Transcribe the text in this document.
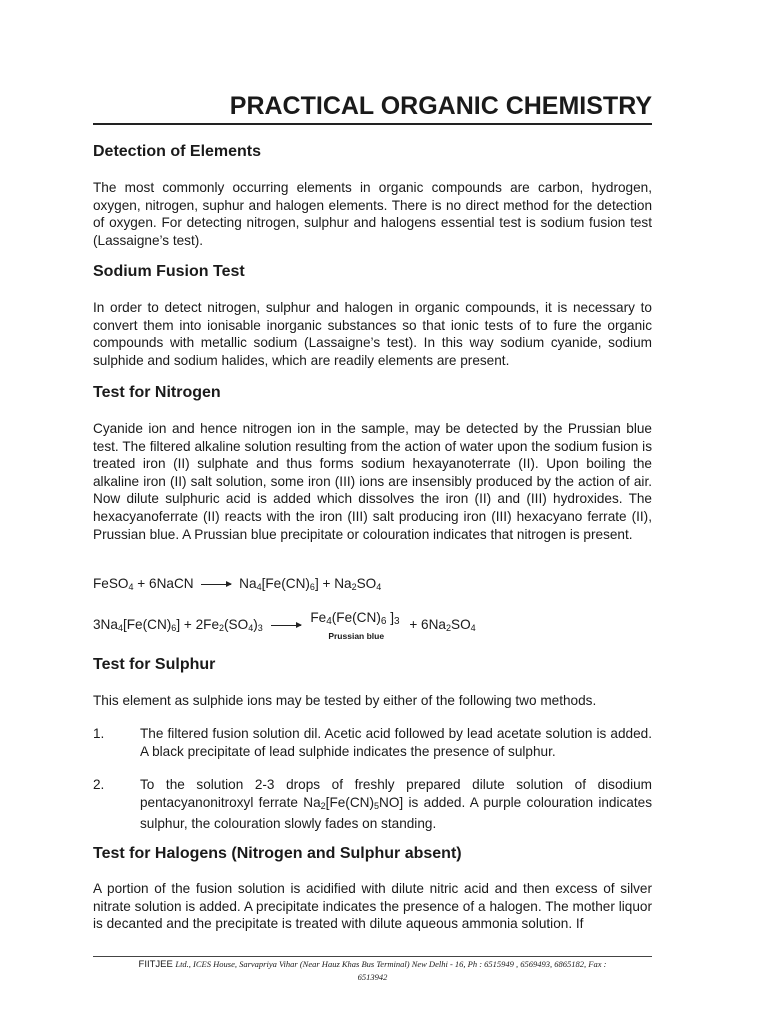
PRACTICAL ORGANIC CHEMISTRY
Detection of Elements

The most commonly occurring elements in organic compounds are carbon, hydrogen, oxygen, nitrogen, suphur and halogen elements. There is no direct method for the detection of oxygen. For detecting nitrogen, sulphur and halogens essential test is sodium fusion test (Lassaigne’s test).

Sodium Fusion Test

In order to detect nitrogen, sulphur and halogen in organic compounds, it is necessary to convert them into ionisable inorganic substances so that ionic tests of to fure the organic compounds with metallic sodium (Lassaigne’s test). In this way sodium cyanide, sodium sulphide and sodium halides, which are readily elements are present.

Test for Nitrogen

Cyanide ion and hence nitrogen ion in the sample, may be detected by the Prussian blue test. The filtered alkaline solution resulting from the action of water upon the sodium fusion is treated iron (II) sulphate and thus forms sodium hexayanoterrate (II). Upon boiling the alkaline iron (II) salt solution, some iron (III) ions are insensibly produced by the action of air. Now dilute sulphuric acid is added which dissolves the iron (II) and (III) hydroxides. The hexacyanoferrate (II) reacts with the iron (III) salt producing iron (III) hexacyano ferrate (II), Prussian blue. A Prussian blue precipitate or colouration indicates that nitrogen is present.

FeSO$_4$ + 6NaCN → $Na_4[Fe(CN)_6] + Na_2SO_4$
$3Na_4[Fe(CN)_6] + 2Fe_2(SO_4)_3 \to Fe_4(Fe(CN)_6$ ]$_3$
Prussian blue
+ $6Na_2SO_4$
Test for Sulphur

This element as sulphide ions may be tested by either of the following two methods.

1.	The filtered fusion solution dil. Acetic acid followed by lead acetate solution is added. A black precipitate of lead sulphide indicates the presence of sulphur.
2.	To the solution 2-3 drops of freshly prepared dilute solution of disodium pentacyanonitroxyl ferrate $Na_2[Fe(CN)_5NO]$ is added. A purple colouration indicates sulphur, the colouration slowly fades on standing.
Test for Halogens (Nitrogen and Sulphur absent)

A portion of the fusion solution is acidified with dilute nitric acid and then excess of silver nitrate solution is added. A precipitate indicates the presence of a halogen. The mother liquor is decanted and the precipitate is treated with dilute aqueous ammonia solution. If

FIITJEE Ltd., ICES House, Sarvapriya Vihar (Near Hauz Khas Bus Terminal) New Delhi - 16, Ph : 6515949 , 6569493, 6865182, Fax :
6513942
